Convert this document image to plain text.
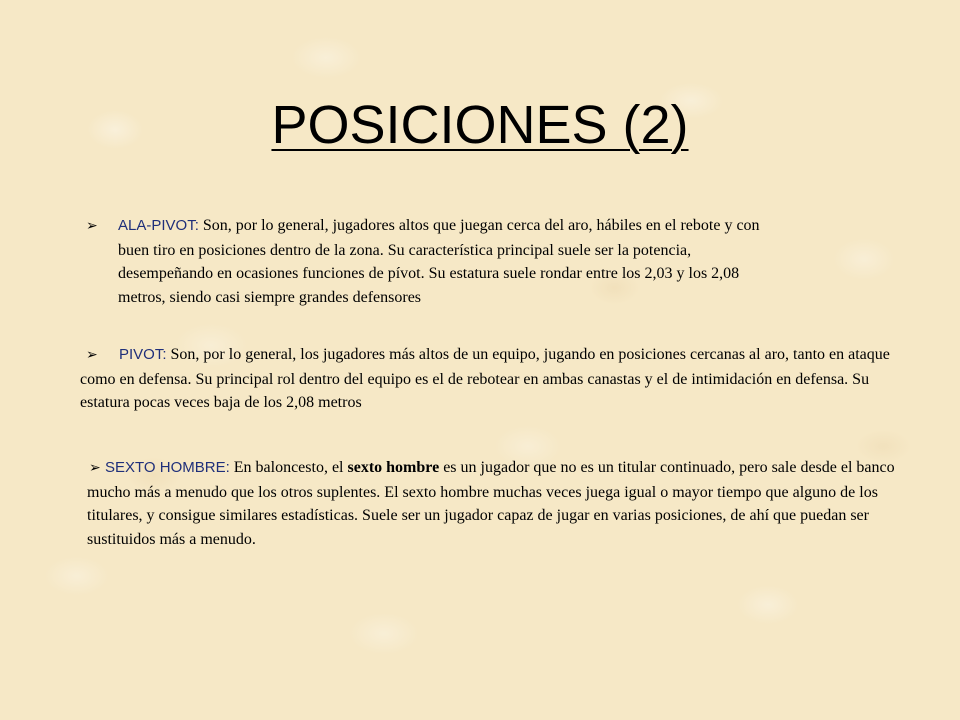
POSICIONES (2)
➢ ALA-PIVOT: Son, por lo general, jugadores altos que juegan cerca del aro, hábiles en el rebote y con
buen tiro en posiciones dentro de la zona. Su característica principal suele ser la potencia,
desempeñando en ocasiones funciones de pívot. Su estatura suele rondar entre los 2,03 y los 2,08
metros, siendo casi siempre grandes defensores
➢ PIVOT: Son, por lo general, los jugadores más altos de un equipo, jugando en posiciones cercanas al aro, tanto en ataque como en defensa. Su principal rol dentro del equipo es el de rebotear en ambas canastas y el de intimidación en defensa. Su estatura pocas veces baja de los 2,08 metros
➢ SEXTO HOMBRE: En baloncesto, el sexto hombre es un jugador que no es un titular continuado, pero sale desde el banco mucho más a menudo que los otros suplentes. El sexto hombre muchas veces juega igual o mayor tiempo que alguno de los titulares, y consigue similares estadísticas. Suele ser un jugador capaz de jugar en varias posiciones, de ahí que puedan ser sustituidos más a menudo.
